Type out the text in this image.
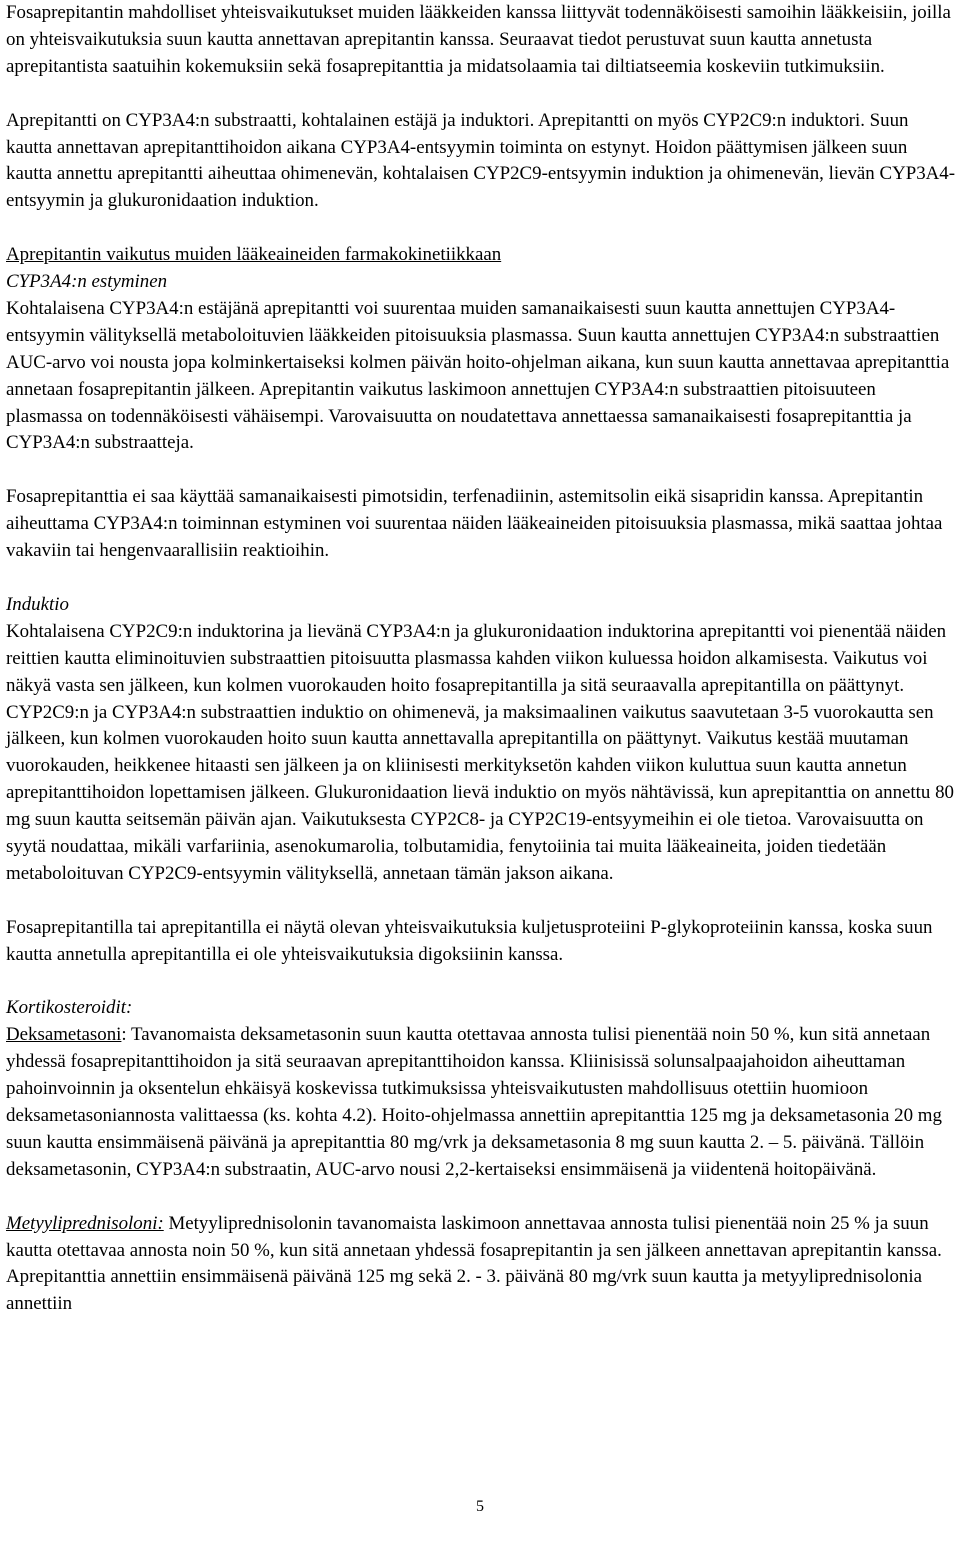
Fosaprepitantin mahdolliset yhteisvaikutukset muiden lääkkeiden kanssa liittyvät todennäköisesti samoihin lääkkeisiin, joilla on yhteisvaikutuksia suun kautta annettavan aprepitantin kanssa. Seuraavat tiedot perustuvat suun kautta annetusta aprepitantista saatuihin kokemuksiin sekä fosaprepitanttia ja midatsolaamia tai diltiatseemia koskeviin tutkimuksiin.

Aprepitantti on CYP3A4:n substraatti, kohtalainen estäjä ja induktori. Aprepitantti on myös CYP2C9:n induktori. Suun kautta annettavan aprepitanttihoidon aikana CYP3A4-entsyymin toiminta on estynyt. Hoidon päättymisen jälkeen suun kautta annettu aprepitantti aiheuttaa ohimenevän, kohtalaisen CYP2C9-entsyymin induktion ja ohimenevän, lievän CYP3A4-entsyymin ja glukuronidaation induktion.

Aprepitantin vaikutus muiden lääkeaineiden farmakokinetiikkaan

CYP3A4:n estyminen

Kohtalaisena CYP3A4:n estäjänä aprepitantti voi suurentaa muiden samanaikaisesti suun kautta annettujen CYP3A4-entsyymin välityksellä metaboloituvien lääkkeiden pitoisuuksia plasmassa. Suun kautta annettujen CYP3A4:n substraattien AUC-arvo voi nousta jopa kolminkertaiseksi kolmen päivän hoito-ohjelman aikana, kun suun kautta annettavaa aprepitanttia annetaan fosaprepitantin jälkeen. Aprepitantin vaikutus laskimoon annettujen CYP3A4:n substraattien pitoisuuteen plasmassa on todennäköisesti vähäisempi. Varovaisuutta on noudatettava annettaessa samanaikaisesti fosaprepitanttia ja CYP3A4:n substraatteja.

Fosaprepitanttia ei saa käyttää samanaikaisesti pimotsidin, terfenadiinin, astemitsolin eikä sisapridin kanssa. Aprepitantin aiheuttama CYP3A4:n toiminnan estyminen voi suurentaa näiden lääkeaineiden pitoisuuksia plasmassa, mikä saattaa johtaa vakaviin tai hengenvaarallisiin reaktioihin.

Induktio

Kohtalaisena CYP2C9:n induktorina ja lievänä CYP3A4:n ja glukuronidaation induktorina aprepitantti voi pienentää näiden reittien kautta eliminoituvien substraattien pitoisuutta plasmassa kahden viikon kuluessa hoidon alkamisesta. Vaikutus voi näkyä vasta sen jälkeen, kun kolmen vuorokauden hoito fosaprepitantilla ja sitä seuraavalla aprepitantilla on päättynyt. CYP2C9:n ja CYP3A4:n substraattien induktio on ohimenevä, ja maksimaalinen vaikutus saavutetaan 3-5 vuorokautta sen jälkeen, kun kolmen vuorokauden hoito suun kautta annettavalla aprepitantilla on päättynyt. Vaikutus kestää muutaman vuorokauden, heikkenee hitaasti sen jälkeen ja on kliinisesti merkityksetön kahden viikon kuluttua suun kautta annetun aprepitanttihoidon lopettamisen jälkeen. Glukuronidaation lievä induktio on myös nähtävissä, kun aprepitanttia on annettu 80 mg suun kautta seitsemän päivän ajan. Vaikutuksesta CYP2C8- ja CYP2C19-entsyymeihin ei ole tietoa. Varovaisuutta on syytä noudattaa, mikäli varfariinia, asenokumarolia, tolbutamidia, fenytoiinia tai muita lääkeaineita, joiden tiedetään metaboloituvan CYP2C9-entsyymin välityksellä, annetaan tämän jakson aikana.

Fosaprepitantilla tai aprepitantilla ei näytä olevan yhteisvaikutuksia kuljetusproteiini P-glykoproteiinin kanssa, koska suun kautta annetulla aprepitantilla ei ole yhteisvaikutuksia digoksiinin kanssa.

Kortikosteroidit:

Deksametasoni: Tavanomaista deksametasonin suun kautta otettavaa annosta tulisi pienentää noin 50 %, kun sitä annetaan yhdessä fosaprepitanttihoidon ja sitä seuraavan aprepitanttihoidon kanssa. Kliinisissä solunsalpaajahoidon aiheuttaman pahoinvoinnin ja oksentelun ehkäisyä koskevissa tutkimuksissa yhteisvaikutusten mahdollisuus otettiin huomioon deksametasoniannosta valittaessa (ks. kohta 4.2). Hoito-ohjelmassa annettiin aprepitanttia 125 mg ja deksametasonia 20 mg suun kautta ensimmäisenä päivänä ja aprepitanttia 80 mg/vrk ja deksametasonia 8 mg suun kautta 2. – 5. päivänä. Tällöin deksametasonin, CYP3A4:n substraatin, AUC-arvo nousi 2,2-kertaiseksi ensimmäisenä ja viidentenä hoitopäivänä.

Metyyliprednisoloni: Metyyliprednisolonin tavanomaista laskimoon annettavaa annosta tulisi pienentää noin 25 % ja suun kautta otettavaa annosta noin 50 %, kun sitä annetaan yhdessä fosaprepitantin ja sen jälkeen annettavan aprepitantin kanssa. Aprepitanttia annettiin ensimmäisenä päivänä 125 mg sekä 2. - 3. päivänä 80 mg/vrk suun kautta ja metyyliprednisolonia annettiin

5
